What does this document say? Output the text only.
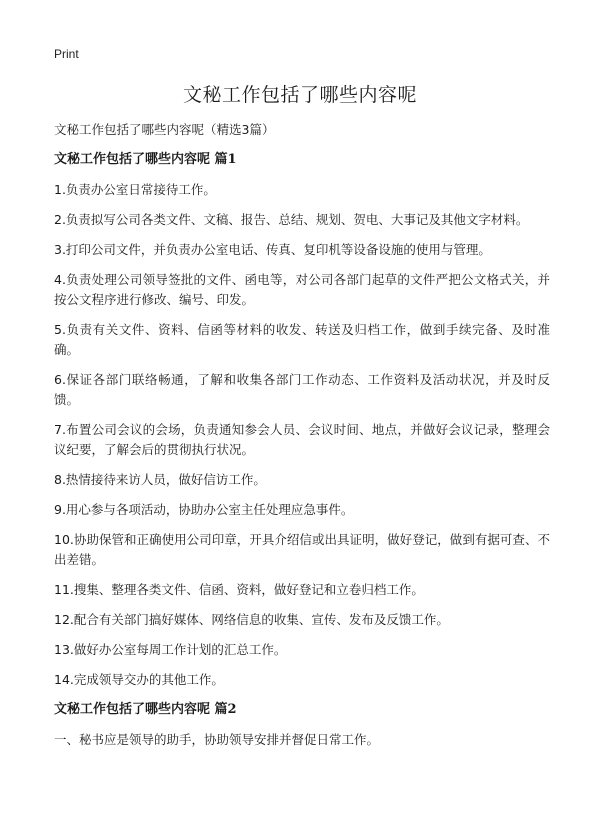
Print
文秘工作包括了哪些内容呢

文秘工作包括了哪些内容呢（精选3篇）

文秘工作包括了哪些内容呢 篇1

1.负责办公室日常接待工作。

2.负责拟写公司各类文件、文稿、报告、总结、规划、贺电、大事记及其他文字材料。

3.打印公司文件，并负责办公室电话、传真、复印机等设备设施的使用与管理。

4.负责处理公司领导签批的文件、函电等，对公司各部门起草的文件严把公文格式关，并按公文程序进行修改、编号、印发。

5.负责有关文件、资料、信函等材料的收发、转送及归档工作，做到手续完备、及时准确。

6.保证各部门联络畅通，了解和收集各部门工作动态、工作资料及活动状况，并及时反馈。

7.布置公司会议的会场，负责通知参会人员、会议时间、地点，并做好会议记录，整理会议纪要，了解会后的贯彻执行状况。

8.热情接待来访人员，做好信访工作。

9.用心参与各项活动，协助办公室主任处理应急事件。

10.协助保管和正确使用公司印章，开具介绍信或出具证明，做好登记，做到有据可查、不出差错。

11.搜集、整理各类文件、信函、资料，做好登记和立卷归档工作。

12.配合有关部门搞好媒体、网络信息的收集、宣传、发布及反馈工作。

13.做好办公室每周工作计划的汇总工作。

14.完成领导交办的其他工作。

文秘工作包括了哪些内容呢 篇2

一、秘书应是领导的助手，协助领导安排并督促日常工作。
